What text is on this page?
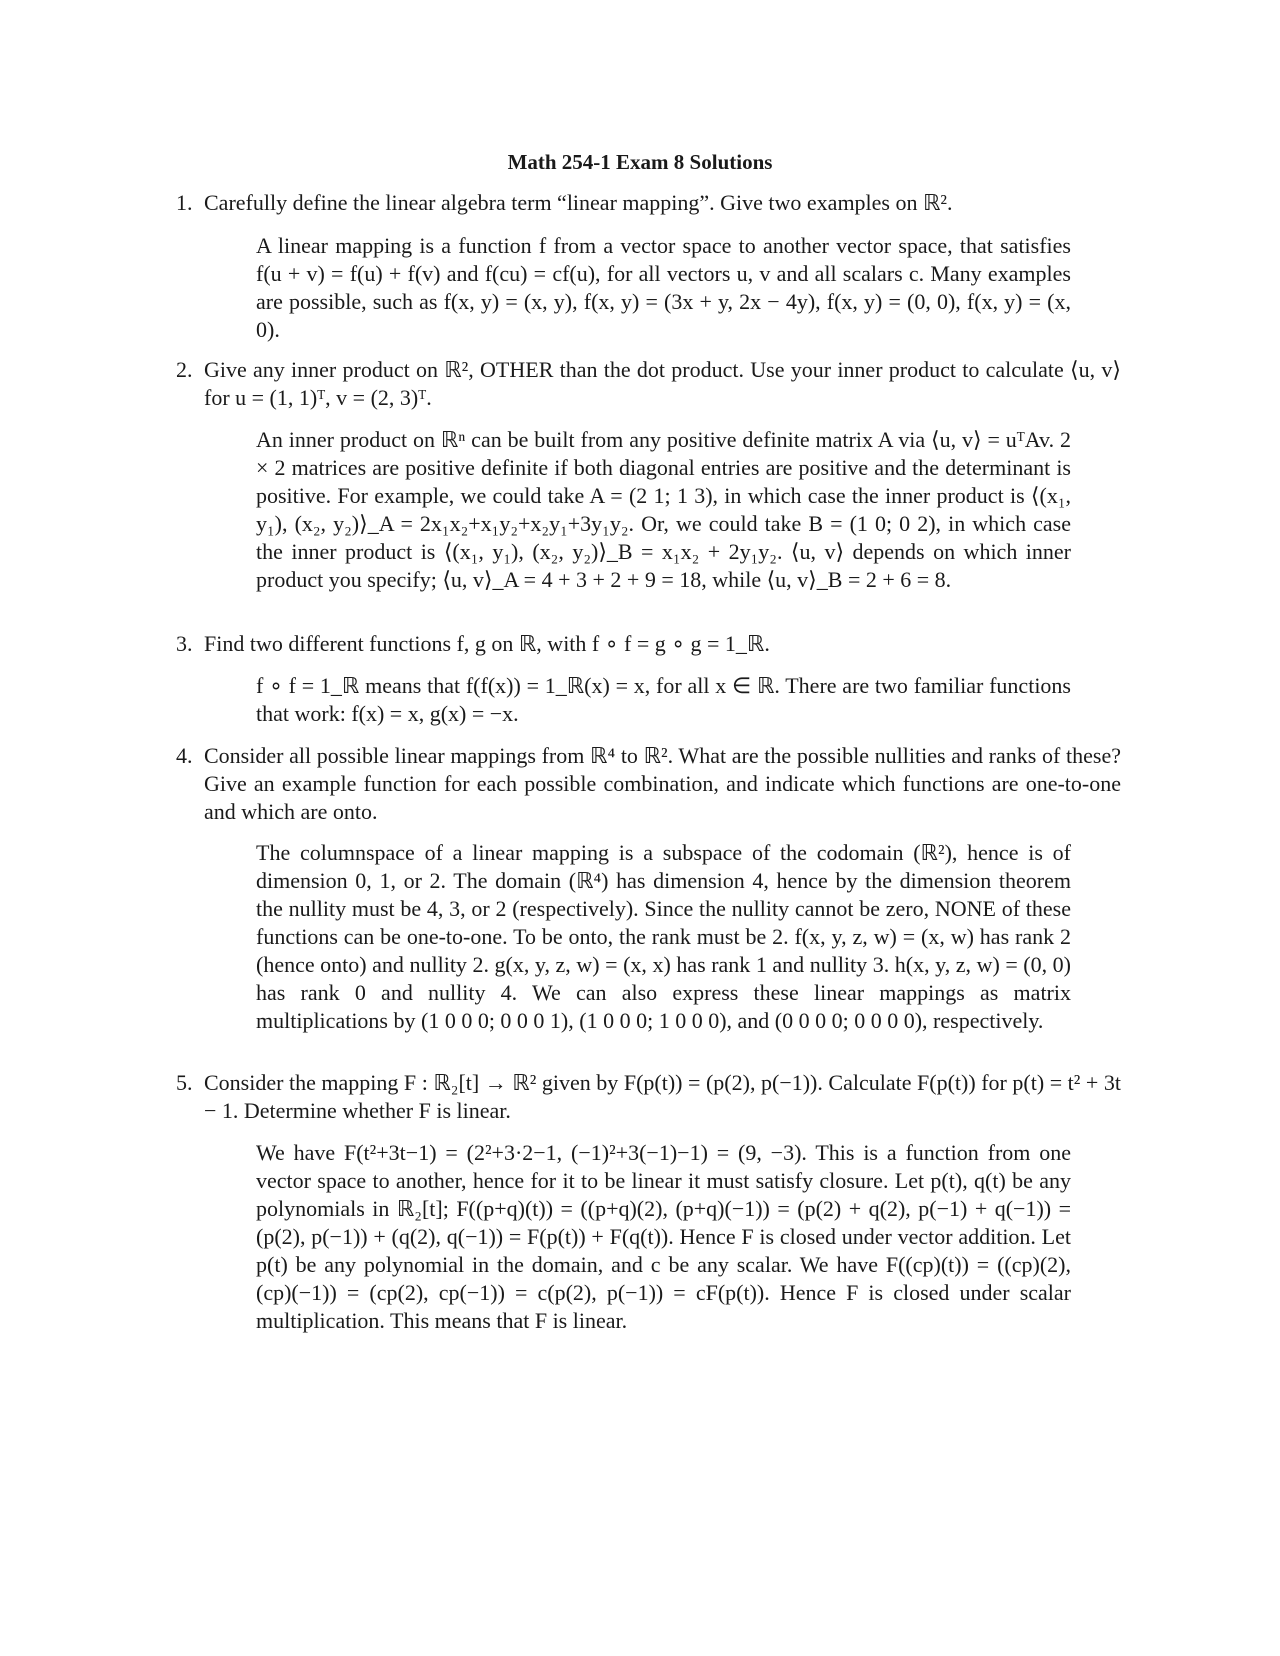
Math 254-1 Exam 8 Solutions
1. Carefully define the linear algebra term “linear mapping”. Give two examples on ℝ².
A linear mapping is a function f from a vector space to another vector space, that satisfies f(u + v) = f(u) + f(v) and f(cu) = cf(u), for all vectors u, v and all scalars c. Many examples are possible, such as f(x, y) = (x, y), f(x, y) = (3x + y, 2x − 4y), f(x, y) = (0, 0), f(x, y) = (x, 0).
2. Give any inner product on ℝ², OTHER than the dot product. Use your inner product to calculate ⟨u, v⟩ for u = (1, 1)ᵀ, v = (2, 3)ᵀ.
An inner product on ℝⁿ can be built from any positive definite matrix A via ⟨u, v⟩ = uᵀAv. 2 × 2 matrices are positive definite if both diagonal entries are positive and the determinant is positive. For example, we could take A = (2 1; 1 3), in which case the inner product is ⟨(x₁, y₁), (x₂, y₂)⟩_A = 2x₁x₂+x₁y₂+x₂y₁+3y₁y₂. Or, we could take B = (1 0; 0 2), in which case the inner product is ⟨(x₁, y₁), (x₂, y₂)⟩_B = x₁x₂ + 2y₁y₂. ⟨u, v⟩ depends on which inner product you specify; ⟨u, v⟩_A = 4 + 3 + 2 + 9 = 18, while ⟨u, v⟩_B = 2 + 6 = 8.
3. Find two different functions f, g on ℝ, with f ∘ f = g ∘ g = 1_ℝ.
f ∘ f = 1_ℝ means that f(f(x)) = 1_ℝ(x) = x, for all x ∈ ℝ. There are two familiar functions that work: f(x) = x, g(x) = −x.
4. Consider all possible linear mappings from ℝ⁴ to ℝ². What are the possible nullities and ranks of these? Give an example function for each possible combination, and indicate which functions are one-to-one and which are onto.
The columnspace of a linear mapping is a subspace of the codomain (ℝ²), hence is of dimension 0, 1, or 2. The domain (ℝ⁴) has dimension 4, hence by the dimension theorem the nullity must be 4, 3, or 2 (respectively). Since the nullity cannot be zero, NONE of these functions can be one-to-one. To be onto, the rank must be 2. f(x, y, z, w) = (x, w) has rank 2 (hence onto) and nullity 2. g(x, y, z, w) = (x, x) has rank 1 and nullity 3. h(x, y, z, w) = (0, 0) has rank 0 and nullity 4. We can also express these linear mappings as matrix multiplications by (1 0 0 0; 0 0 0 1), (1 0 0 0; 1 0 0 0), and (0 0 0 0; 0 0 0 0), respectively.
5. Consider the mapping F : ℝ₂[t] → ℝ² given by F(p(t)) = (p(2), p(−1)). Calculate F(p(t)) for p(t) = t² + 3t − 1. Determine whether F is linear.
We have F(t²+3t−1) = (2²+3·2−1, (−1)²+3(−1)−1) = (9, −3). This is a function from one vector space to another, hence for it to be linear it must satisfy closure. Let p(t), q(t) be any polynomials in ℝ₂[t]; F((p+q)(t)) = ((p+q)(2), (p+q)(−1)) = (p(2) + q(2), p(−1) + q(−1)) = (p(2), p(−1)) + (q(2), q(−1)) = F(p(t)) + F(q(t)). Hence F is closed under vector addition. Let p(t) be any polynomial in the domain, and c be any scalar. We have F((cp)(t)) = ((cp)(2), (cp)(−1)) = (cp(2), cp(−1)) = c(p(2), p(−1)) = cF(p(t)). Hence F is closed under scalar multiplication. This means that F is linear.
